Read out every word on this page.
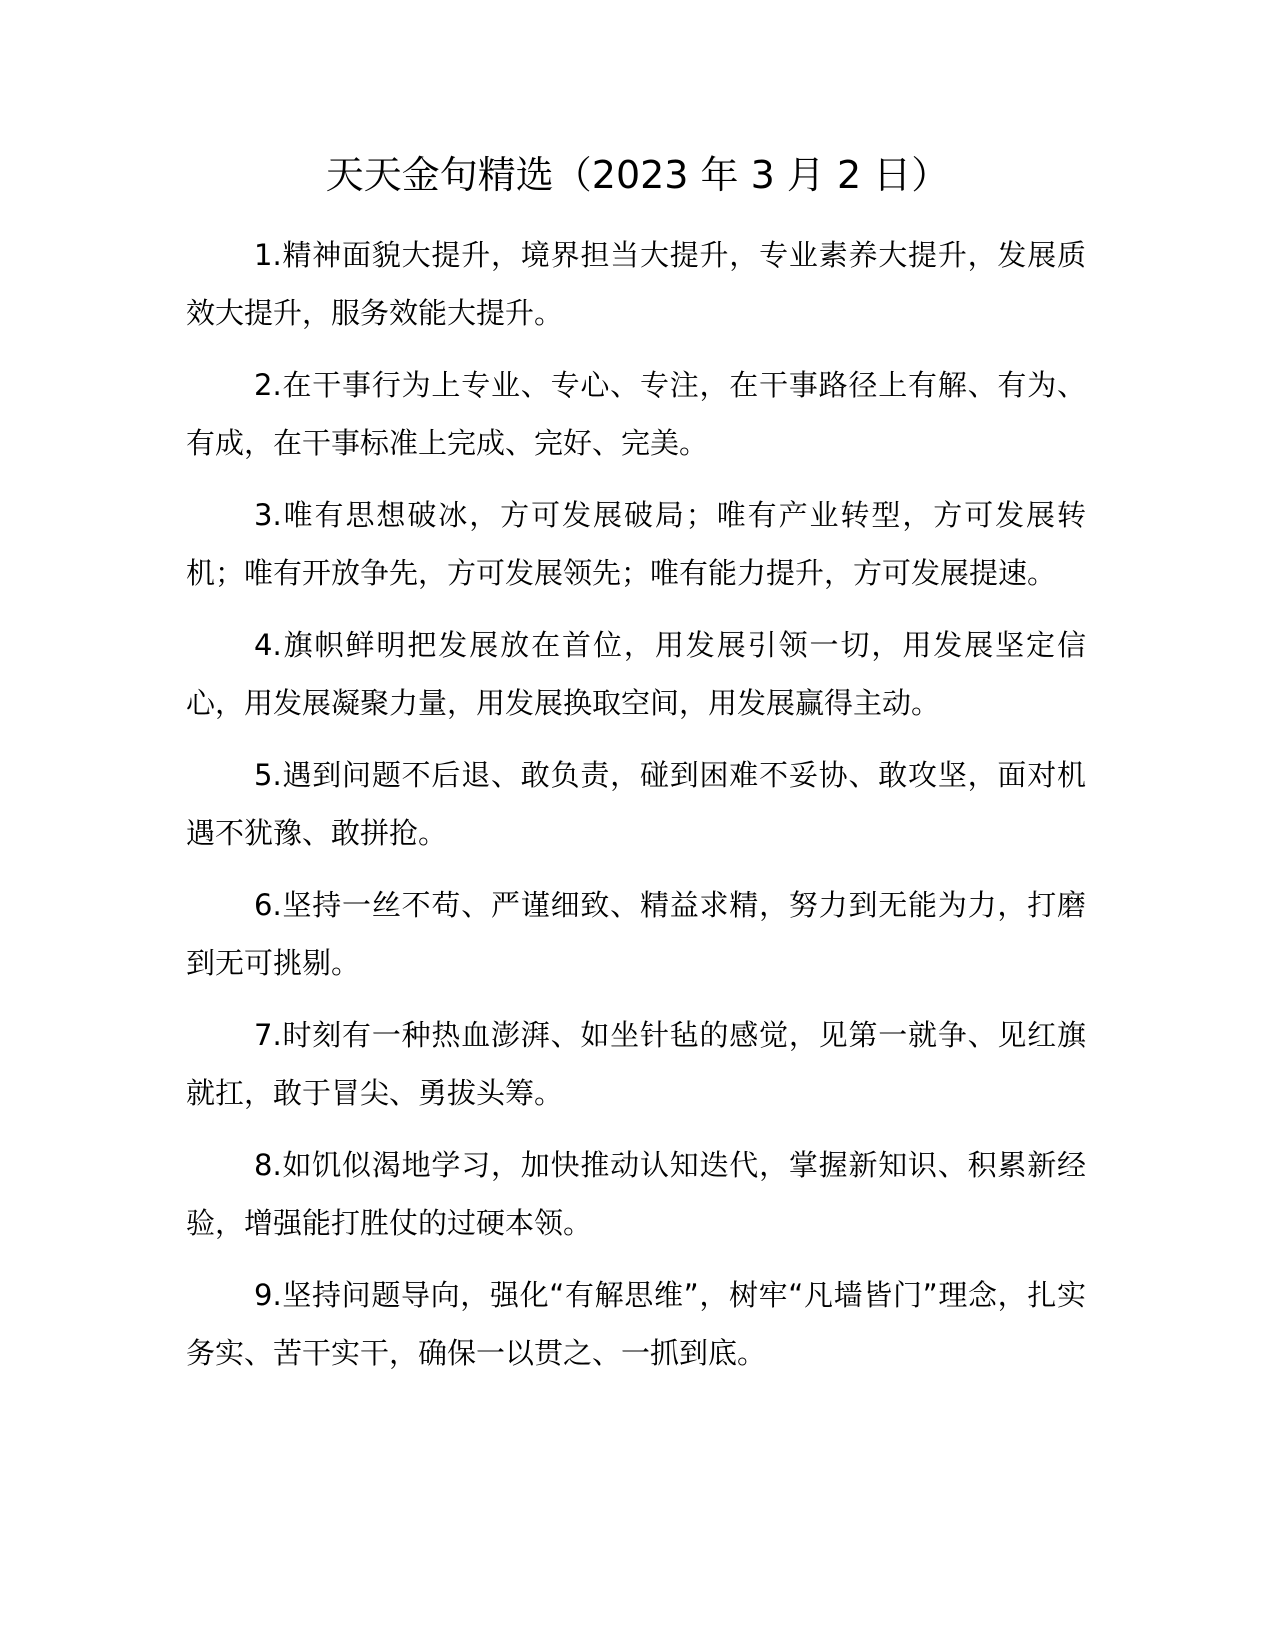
天天金句精选（2023 年 3 月 2 日）

1.精神面貌大提升，境界担当大提升，专业素养大提升，发展质效大提升，服务效能大提升。

2.在干事行为上专业、专心、专注，在干事路径上有解、有为、有成，在干事标准上完成、完好、完美。

3.唯有思想破冰，方可发展破局；唯有产业转型，方可发展转机；唯有开放争先，方可发展领先；唯有能力提升，方可发展提速。

4.旗帜鲜明把发展放在首位，用发展引领一切，用发展坚定信心，用发展凝聚力量，用发展换取空间，用发展赢得主动。

5.遇到问题不后退、敢负责，碰到困难不妥协、敢攻坚，面对机遇不犹豫、敢拼抢。

6.坚持一丝不苟、严谨细致、精益求精，努力到无能为力，打磨到无可挑剔。

7.时刻有一种热血澎湃、如坐针毡的感觉，见第一就争、见红旗就扛，敢于冒尖、勇拔头筹。

8.如饥似渴地学习，加快推动认知迭代，掌握新知识、积累新经验，增强能打胜仗的过硬本领。

9.坚持问题导向，强化“有解思维”，树牢“凡墙皆门”理念，扎实务实、苦干实干，确保一以贯之、一抓到底。
